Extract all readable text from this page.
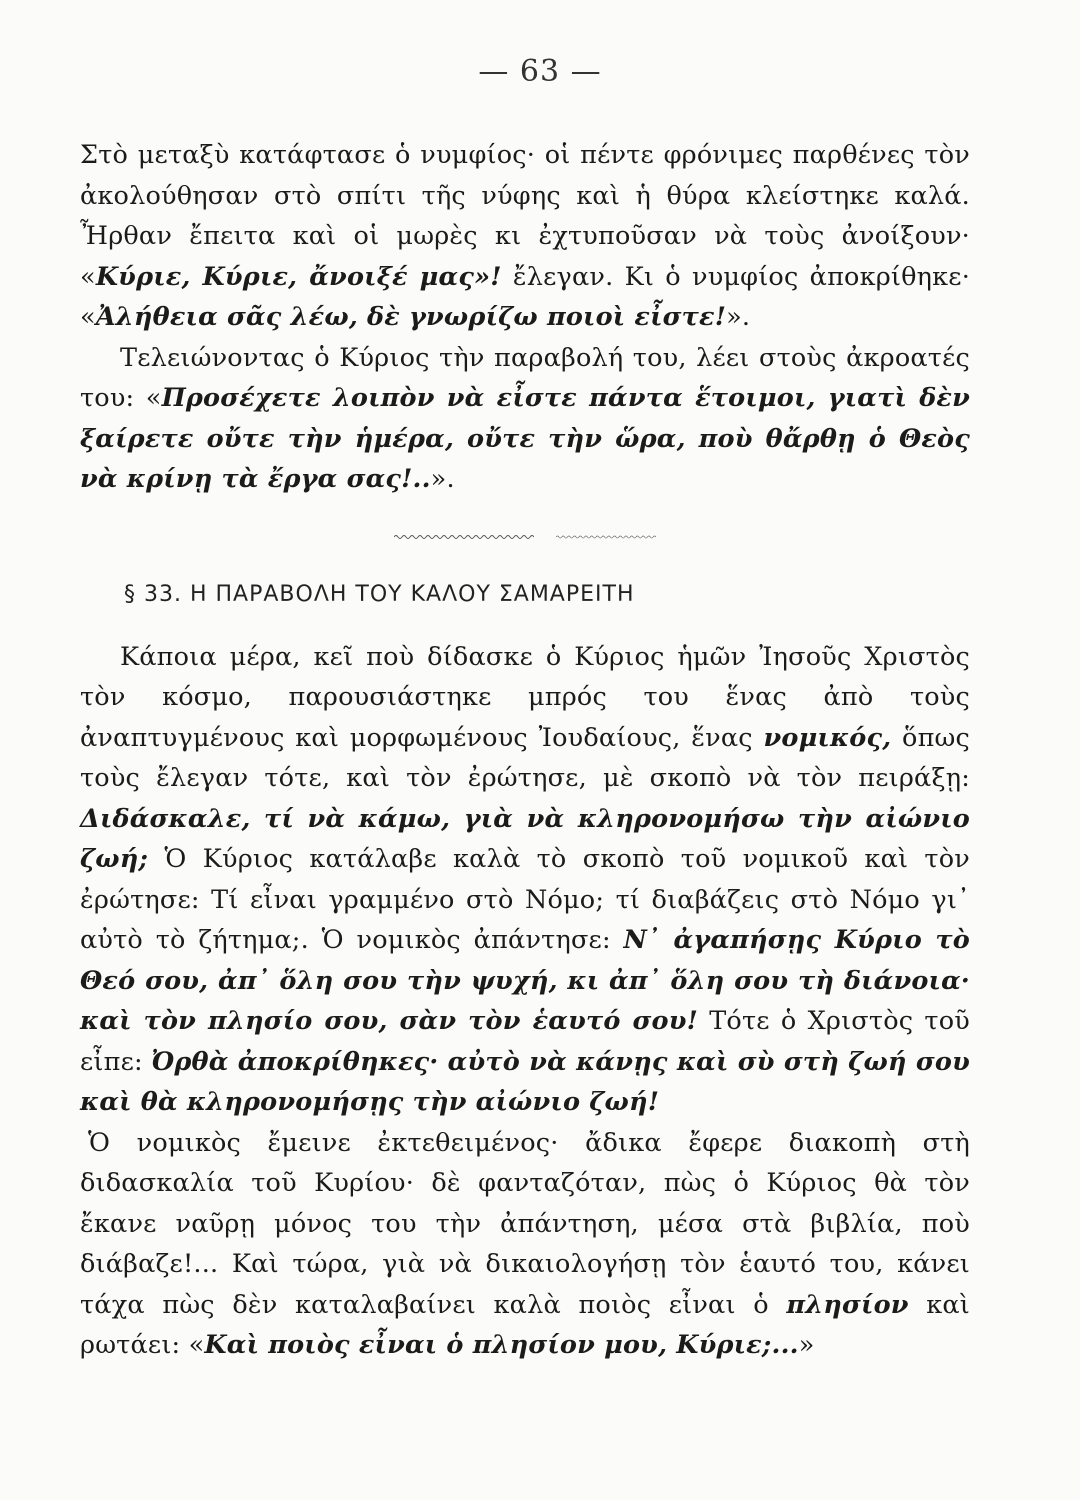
— 63 —

Στὸ μεταξὺ κατάφτασε ὁ νυμφίος· οἱ πέντε φρόνιμες παρθένες τὸν ἀκολούθησαν στὸ σπίτι τῆς νύφης καὶ ἡ θύρα κλείστηκε καλά. Ἦρθαν ἔπειτα καὶ οἱ μωρὲς κι ἐχτυποῦσαν νὰ τοὺς ἀνοίξουν· «Κύριε, Κύριε, ἄνοιξέ μας»! ἔλεγαν. Κι ὁ νυμφίος ἀποκρίθηκε· «Ἀλήθεια σᾶς λέω, δὲ γνωρίζω ποιοὶ εἶστε!».

Τελειώνοντας ὁ Κύριος τὴν παραβολή του, λέει στοὺς ἀκροατές του: «Προσέχετε λοιπὸν νὰ εἶστε πάντα ἕτοιμοι, γιατὶ δὲν ξαίρετε οὔτε τὴν ἡμέρα, οὔτε τὴν ὥρα, ποὺ θἄρθῃ ὁ Θεὸς νὰ κρίνῃ τὰ ἔργα σας!..».

§ 33. Η ΠΑΡΑΒΟΛΗ ΤΟΥ ΚΑΛΟΥ ΣΑΜΑΡΕΙΤΗ

Κάποια μέρα, κεῖ ποὺ δίδασκε ὁ Κύριος ἡμῶν Ἰησοῦς Χριστὸς τὸν κόσμο, παρουσιάστηκε μπρός του ἕνας ἀπὸ τοὺς ἀναπτυγμένους καὶ μορφωμένους Ἰουδαίους, ἕνας νομικός, ὅπως τοὺς ἔλεγαν τότε, καὶ τὸν ἐρώτησε, μὲ σκοπὸ νὰ τὸν πειράξῃ: Διδάσκαλε, τί νὰ κάμω, γιὰ νὰ κληρονομήσω τὴν αἰώνιο ζωή; Ὁ Κύριος κατάλαβε καλὰ τὸ σκοπὸ τοῦ νομικοῦ καὶ τὸν ἐρώτησε: Τί εἶναι γραμμένο στὸ Νόμο; τί διαβάζεις στὸ Νόμο γι᾽ αὐτὸ τὸ ζήτημα;. Ὁ νομικὸς ἀπάντησε: Ν᾽ ἀγαπήσῃς Κύριο τὸ Θεό σου, ἀπ᾽ ὅλη σου τὴν ψυχή, κι ἀπ᾽ ὅλη σου τὴ διάνοια· καὶ τὸν πλησίο σου, σὰν τὸν ἑαυτό σου! Τότε ὁ Χριστὸς τοῦ εἶπε: Ὀρθὰ ἀποκρίθηκες· αὐτὸ νὰ κάνῃς καὶ σὺ στὴ ζωή σου καὶ θὰ κληρονομήσῃς τὴν αἰώνιο ζωή!

Ὁ νομικὸς ἔμεινε ἐκτεθειμένος· ἄδικα ἔφερε διακοπὴ στὴ διδασκαλία τοῦ Κυρίου· δὲ φανταζόταν, πὼς ὁ Κύριος θὰ τὸν ἔκανε ναῦρῃ μόνος του τὴν ἀπάντηση, μέσα στὰ βιβλία, ποὺ διάβαζε!... Καὶ τώρα, γιὰ νὰ δικαιολογήσῃ τὸν ἑαυτό του, κάνει τάχα πὼς δὲν καταλαβαίνει καλὰ ποιὸς εἶναι ὁ πλησίον καὶ ρωτάει: «Καὶ ποιὸς εἶναι ὁ πλησίον μου, Κύριε;...»
